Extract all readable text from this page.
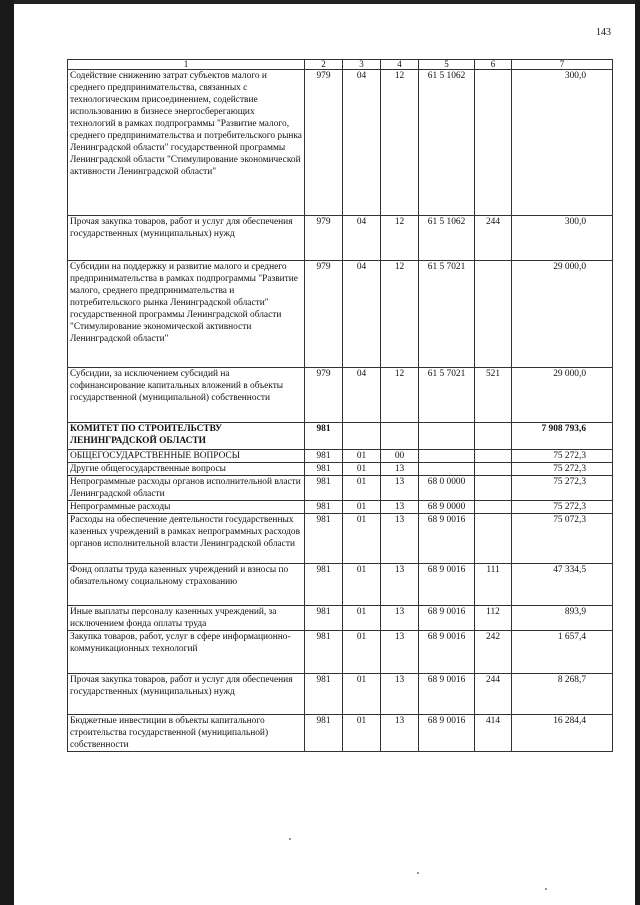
143
1	2	3	4	5	6	7
Содействие снижению затрат субъектов малого и среднего предпринимательства, связанных с технологическим присоединением, содействие использованию в бизнесе энергосберегающих технологий в рамках подпрограммы "Развитие малого, среднего предпринимательства и потребительского рынка Ленинградской области" государственной программы Ленинградской области "Стимулирование экономической активности Ленинградской области"	979	04	12	61 5 1062		300,0
Прочая закупка товаров, работ и услуг для обеспечения государственных (муниципальных) нужд	979	04	12	61 5 1062	244	300,0
Субсидии на поддержку и развитие малого и среднего предпринимательства в рамках подпрограммы "Развитие малого, среднего предпринимательства и потребительского рынка Ленинградской области" государственной программы Ленинградской области "Стимулирование экономической активности Ленинградской области"	979	04	12	61 5 7021		29 000,0
Субсидии, за исключением субсидий на софинансирование капитальных вложений в объекты государственной (муниципальной) собственности	979	04	12	61 5 7021	521	29 000,0
КОМИТЕТ ПО СТРОИТЕЛЬСТВУ ЛЕНИНГРАДСКОЙ ОБЛАСТИ	981					7 908 793,6
ОБЩЕГОСУДАРСТВЕННЫЕ ВОПРОСЫ	981	01	00			75 272,3
Другие общегосударственные вопросы	981	01	13			75 272,3
Непрограммные расходы органов исполнительной власти Ленинградской области	981	01	13	68 0 0000		75 272,3
Непрограммные расходы	981	01	13	68 9 0000		75 272,3
Расходы на обеспечение деятельности государственных казенных учреждений в рамках непрограммных расходов органов исполнительной власти Ленинградской области	981	01	13	68 9 0016		75 072,3
Фонд оплаты труда казенных учреждений и взносы по обязательному социальному страхованию	981	01	13	68 9 0016	111	47 334,5
Иные выплаты персоналу казенных учреждений, за исключением фонда оплаты труда	981	01	13	68 9 0016	112	893,9
Закупка товаров, работ, услуг в сфере информационно-коммуникационных технологий	981	01	13	68 9 0016	242	1 657,4
Прочая закупка товаров, работ и услуг для обеспечения государственных (муниципальных) нужд	981	01	13	68 9 0016	244	8 268,7
Бюджетные инвестиции в объекты капитального строительства государственной (муниципальной) собственности	981	01	13	68 9 0016	414	16 284,4
